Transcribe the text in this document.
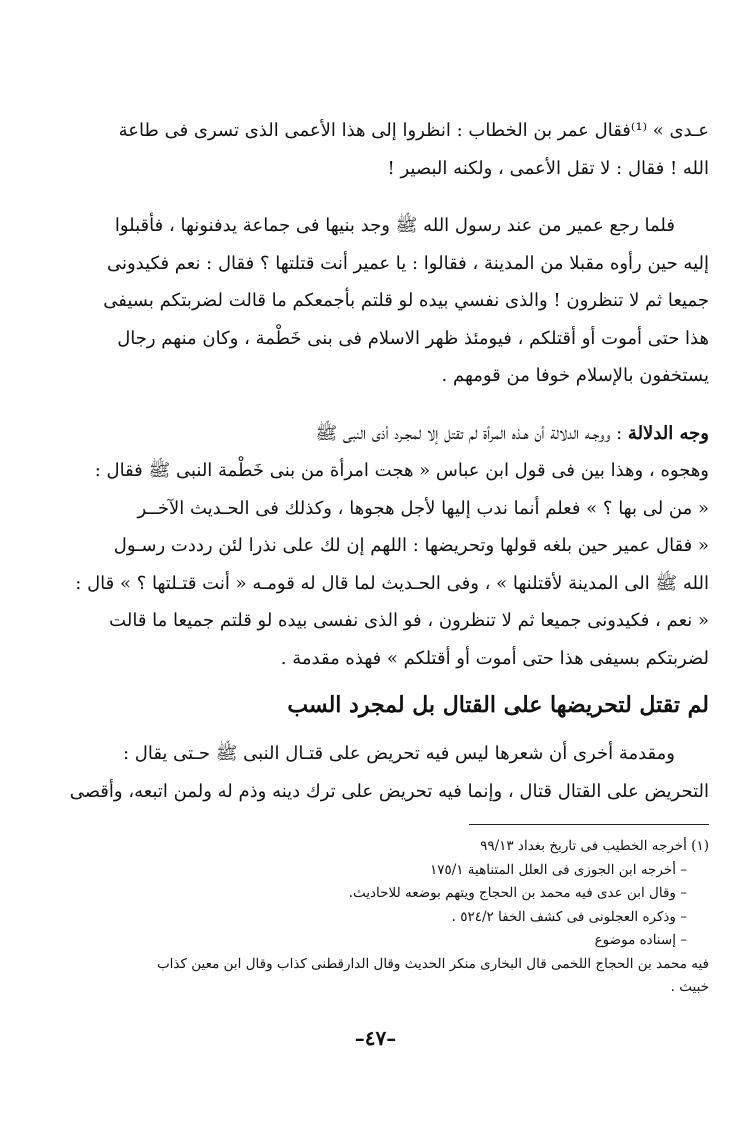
عـدى » ⁽¹⁾فقال عمر بن الخطاب : انظروا إلى هذا الأعمى الذى تسرى فى طاعة

الله ! فقال : لا تقل الأعمى ، ولكنه البصير !

فلما رجع عمير من عند رسول الله ﷺ وجد بنيها فى جماعة يدفنونها ، فأقبلوا

إليه حين رأوه مقبلا من المدينة ، فقالوا : يا عمير أنت قتلتها ؟ فقال : نعم فكيدونى

جميعا ثم لا تنظرون ! والذى نفسي بيده لو قلتم بأجمعكم ما قالت لضربتكم بسيفى

هذا حتى أموت أو أقتلكم ، فيومئذ ظهر الاسلام فى بنى خَطْمة ، وكان منهم رجال

يستخفون بالإسلام خوفا من قومهم .

وجه الدلالة : ووجـه الدلالة أن هـذه المرأة لم تقتل إلا لمجـرد أذى النبى ﷺ

وهجوه ، وهذا بين فى قول ابن عباس « هجت امرأة من بنى خَطْمة النبى ﷺ فقال :

« من لى بها ؟ » فعلم أنما ندب إليها لأجل هجوها ، وكذلك فى الحـديث الآخــر

« فقال عمير حين بلغه قولها وتحريضها : اللهم إن لك على نذرا لئن رددت رسـول

الله ﷺ الى المدينة لأقتلنها » ، وفى الحـديث لما قال له قومـه « أنت قتـلتها ؟ » قال :

« نعم ، فكيدونى جميعا ثم لا تنظرون ، فو الذى نفسى بيده لو قلتم جميعا ما قالت

لضربتكم بسيفى هذا حتى أموت أو أقتلكم » فهذه مقدمة .

لم تقتل لتحريضها على القتال بل لمجرد السب

ومقدمة أخرى أن شعرها ليس فيه تحريض على قتـال النبى ﷺ حـتى يقال :

التحريض على القتال قتال ، وإنما فيه تحريض على ترك دينه وذم له ولمن اتبعه، وأقصى

(١) أخرجه الخطيب فى تاريخ بغداد ٩٩/١٣

– أخرجه ابن الجوزى فى العلل المتناهية ١٧٥/١

– وقال ابن عدى فيه محمد بن الحجاج ويتهم بوضعه للاحاديث.

– وذكره العجلونى فى كشف الخفا ٥٢٤/٢ .

– إسناده موضوع

فيه محمد بن الحجاج اللخمى قال البخارى منكر الحديث وقال الدارقطنى كذاب وقال ابن معين كذاب

خبيث .

–٤٧–
